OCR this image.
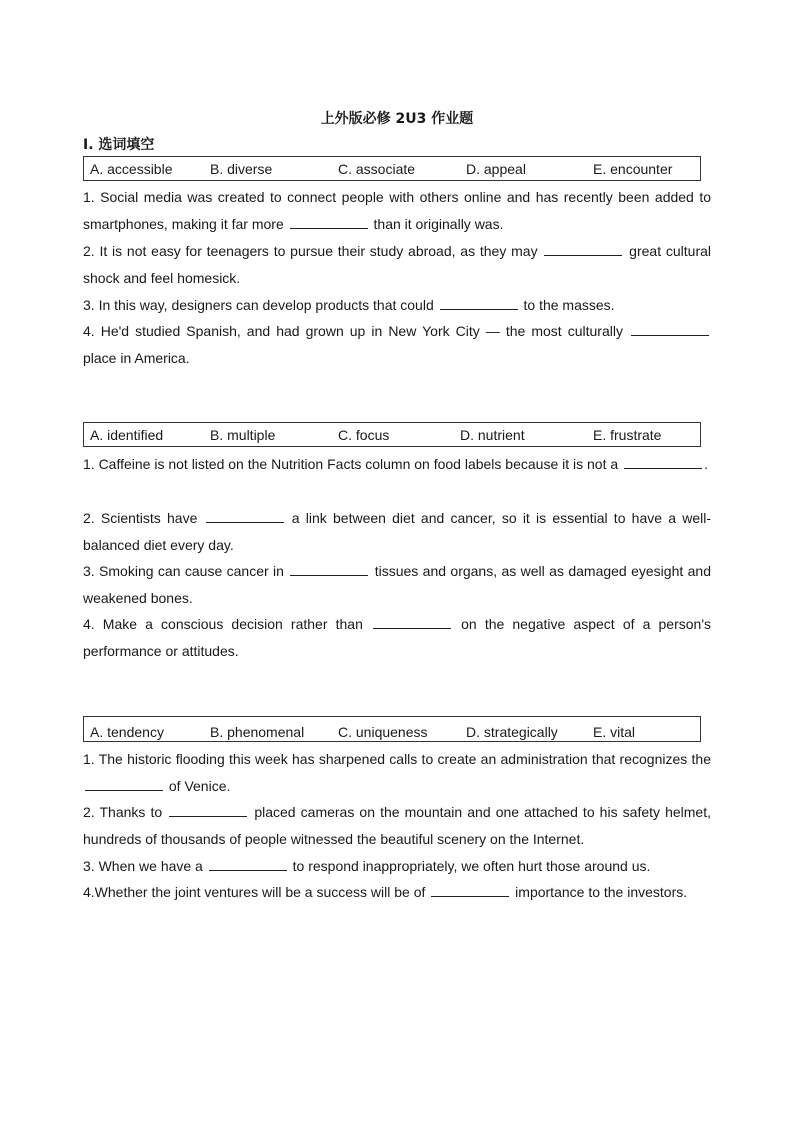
上外版必修 2U3 作业题
I. 选词填空
A. accessible	B. diverse	C. associate	D. appeal	E. encounter
1. Social media was created to connect people with others online and has recently been added to smartphones, making it far more	than it originally was.
2. It is not easy for teenagers to pursue their study abroad, as they may	great cultural shock and feel homesick.
3. In this way, designers can develop products that could	to the masses.
4. He'd studied Spanish, and had grown up in New York City — the most culturally  place in America.
A. identified	B. multiple	C. focus	D. nutrient	E. frustrate
1. Caffeine is not listed on the Nutrition Facts column on food labels because it is not a	.
2. Scientists have	a link between diet and cancer, so it is essential to have a well-balanced diet every day.
3. Smoking can cause cancer in	tissues and organs, as well as damaged eyesight and weakened bones.
4. Make a conscious decision rather than	on the negative aspect of a person's performance or attitudes.
A. tendency	B. phenomenal C. uniqueness	D. strategically	E. vital
1. The historic flooding this week has sharpened calls to create an administration that recognizes the  of Venice.
2. Thanks to	placed cameras on the mountain and one attached to his safety helmet, hundreds of thousands of people witnessed the beautiful scenery on the Internet.
3. When we have a	to respond inappropriately, we often hurt those around us.
4.Whether the joint ventures will be a success will be of	importance to the investors.
